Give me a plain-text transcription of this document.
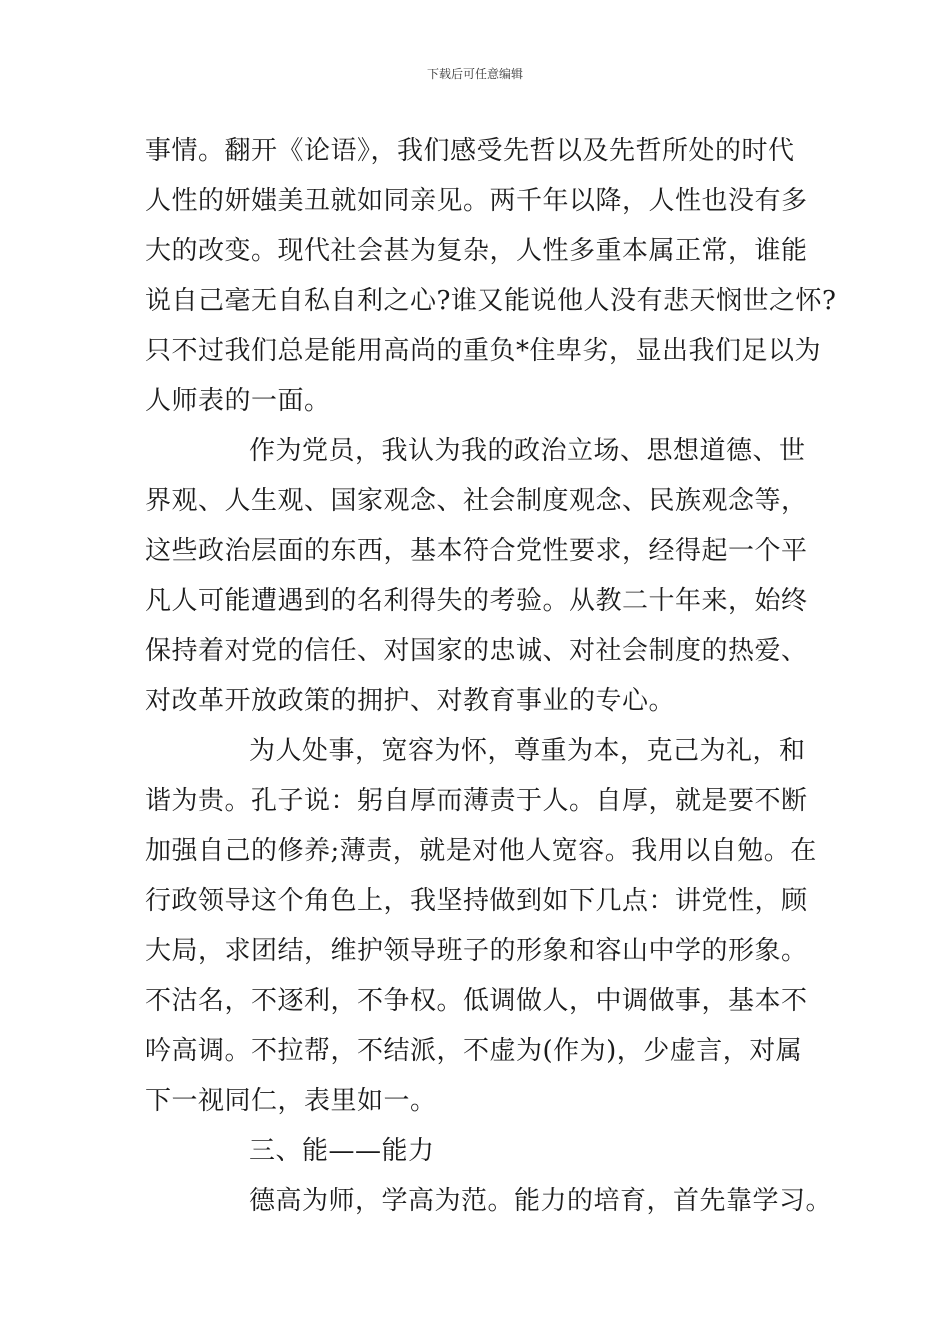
下载后可任意编辑
事情。翻开《论语》，我们感受先哲以及先哲所处的时代
人性的妍媸美丑就如同亲见。两千年以降，人性也没有多
大的改变。现代社会甚为复杂，人性多重本属正常，谁能
说自己毫无自私自利之心?谁又能说他人没有悲天悯世之怀?
只不过我们总是能用高尚的重负*住卑劣，显出我们足以为
人师表的一面。
作为党员，我认为我的政治立场、思想道德、世
界观、人生观、国家观念、社会制度观念、民族观念等，
这些政治层面的东西，基本符合党性要求，经得起一个平
凡人可能遭遇到的名利得失的考验。从教二十年来，始终
保持着对党的信任、对国家的忠诚、对社会制度的热爱、
对改革开放政策的拥护、对教育事业的专心。
为人处事，宽容为怀，尊重为本，克己为礼，和
谐为贵。孔子说：躬自厚而薄责于人。自厚，就是要不断
加强自己的修养;薄责，就是对他人宽容。我用以自勉。在
行政领导这个角色上，我坚持做到如下几点：讲党性，顾
大局，求团结，维护领导班子的形象和容山中学的形象。
不沽名，不逐利，不争权。低调做人，中调做事，基本不
吟高调。不拉帮，不结派，不虚为(作为)，少虚言，对属
下一视同仁，表里如一。
三、能——能力
德高为师，学高为范。能力的培育，首先靠学习。
